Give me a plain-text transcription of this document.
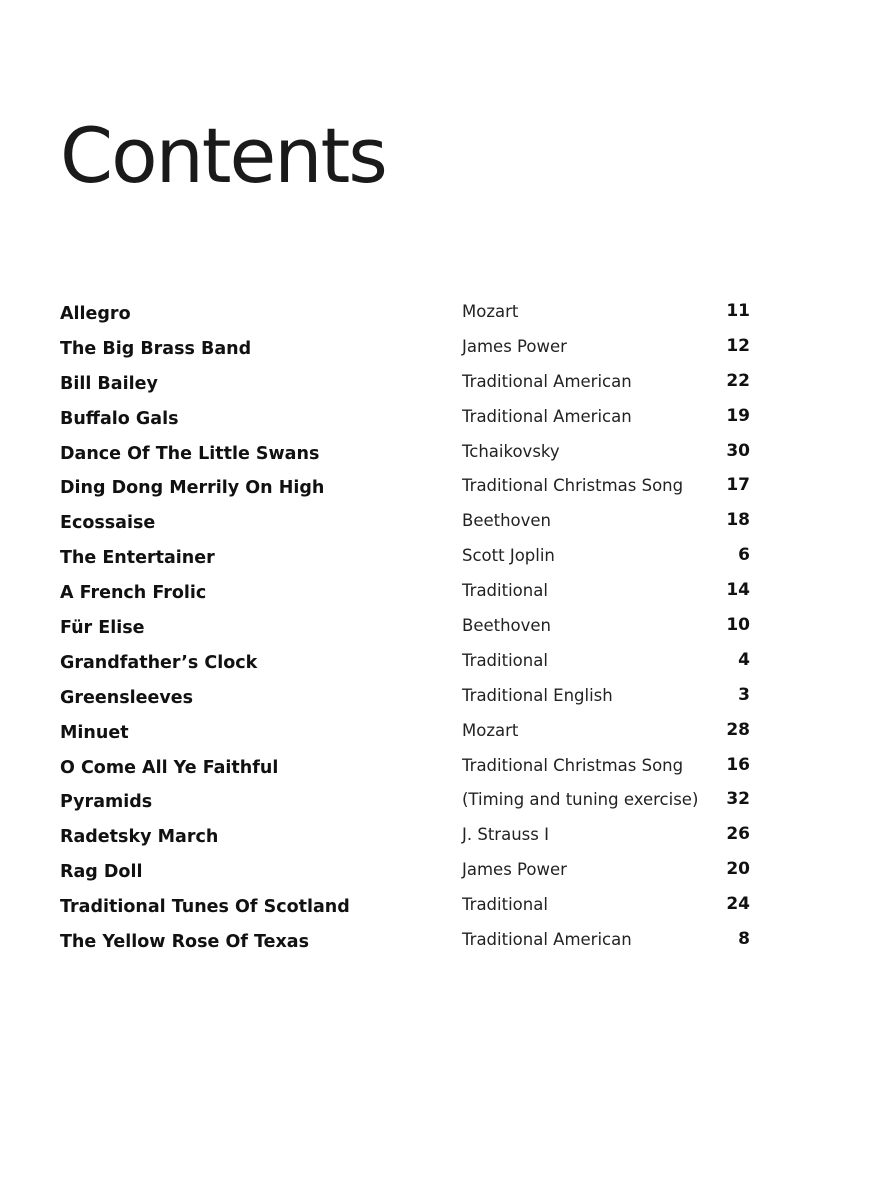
Contents
Allegro	Mozart	11
The Big Brass Band	James Power	12
Bill Bailey	Traditional American	22
Buffalo Gals	Traditional American	19
Dance Of The Little Swans	Tchaikovsky	30
Ding Dong Merrily On High	Traditional Christmas Song	17
Ecossaise	Beethoven	18
The Entertainer	Scott Joplin	6
A French Frolic	Traditional	14
Für Elise	Beethoven	10
Grandfather’s Clock	Traditional	4
Greensleeves	Traditional English	3
Minuet	Mozart	28
O Come All Ye Faithful	Traditional Christmas Song	16
Pyramids	(Timing and tuning exercise) 32
Radetsky March	J. Strauss I	26
Rag Doll	James Power	20
Traditional Tunes Of Scotland	Traditional	24
The Yellow Rose Of Texas	Traditional American	8
